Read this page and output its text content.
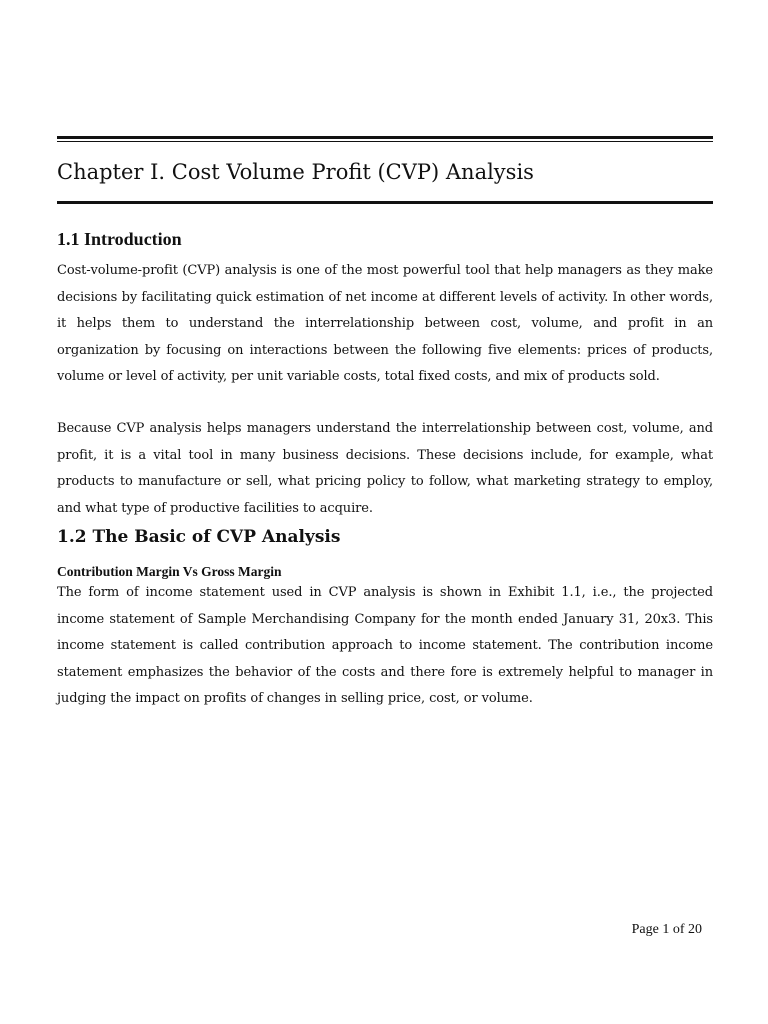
Chapter I. Cost Volume Profit (CVP) Analysis
1.1 Introduction

Cost-volume-profit (CVP) analysis is one of the most powerful tool that help managers as they make decisions by facilitating quick estimation of net income at different levels of activity. In other words, it helps them to understand the interrelationship between cost, volume, and profit in an organization by focusing on interactions between the following five elements: prices of products, volume or level of activity, per unit variable costs, total fixed costs, and mix of products sold.

Because CVP analysis helps managers understand the interrelationship between cost, volume, and profit, it is a vital tool in many business decisions. These decisions include, for example, what products to manufacture or sell, what pricing policy to follow, what marketing strategy to employ, and what type of productive facilities to acquire.

1.2 The Basic of CVP Analysis
Contribution Margin Vs Gross Margin

The form of income statement used in CVP analysis is shown in Exhibit 1.1, i.e., the projected income statement of Sample Merchandising Company for the month ended January 31, 20x3. This income statement is called contribution approach to income statement. The contribution income statement emphasizes the behavior of the costs and there fore is extremely helpful to manager in judging the impact on profits of changes in selling price, cost, or volume.

Page 1 of 20
